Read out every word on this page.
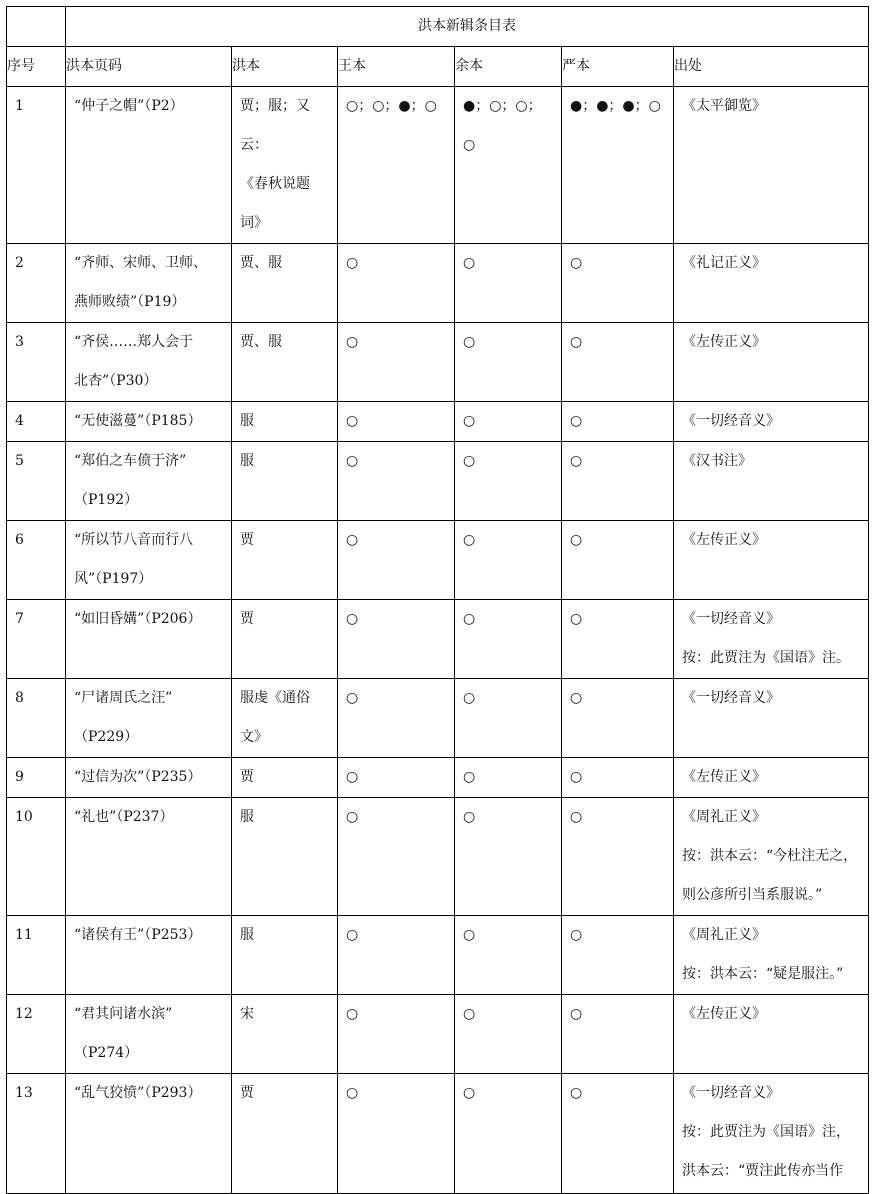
	洪本新辑条目表					
序号	洪本页码	洪本	王本	余本	严本	出处

1	“仲子之帽”（P2）	贾；服；又云：
《春秋说题
词》	○；○；●；○	●；○；○；
○	●；●；●；○	《太平御览》

2	“齐师、宋师、卫师、
燕师败绩”（P19）	贾、服	○	○	○	《礼记正义》

3	“齐侯……郑人会于
北杏”（P30）	贾、服	○	○	○	《左传正义》

4	“无使滋蔓”（P185）	服	○	○	○	《一切经音义》

5	“郑伯之车偾于济”
（P192）	服	○	○	○	《汉书注》

6	“所以节八音而行八
风”（P197）	贾	○	○	○	《左传正义》

7	“如旧昏媾”（P206）	贾	○	○	○	《一切经音义》
按：此贾注为《国语》注。

8	“尸诸周氏之汪”
（P229）	服虔《通俗
文》	○	○	○	《一切经音义》

9	“过信为次”（P235）	贾	○	○	○	《左传正义》

10	“礼也”（P237）	服	○	○	○	《周礼正义》
按：洪本云：“今杜注无之，
则公彦所引当系服说。”

11	“诸侯有王”（P253）	服	○	○	○	《周礼正义》
按：洪本云：“疑是服注。”

12	“君其问诸水滨”
（P274）	宋	○	○	○	《左传正义》

13	“乱气狡愤”（P293）	贾	○	○	○	《一切经音义》
按：此贾注为《国语》注，
洪本云：“贾注此传亦当作
